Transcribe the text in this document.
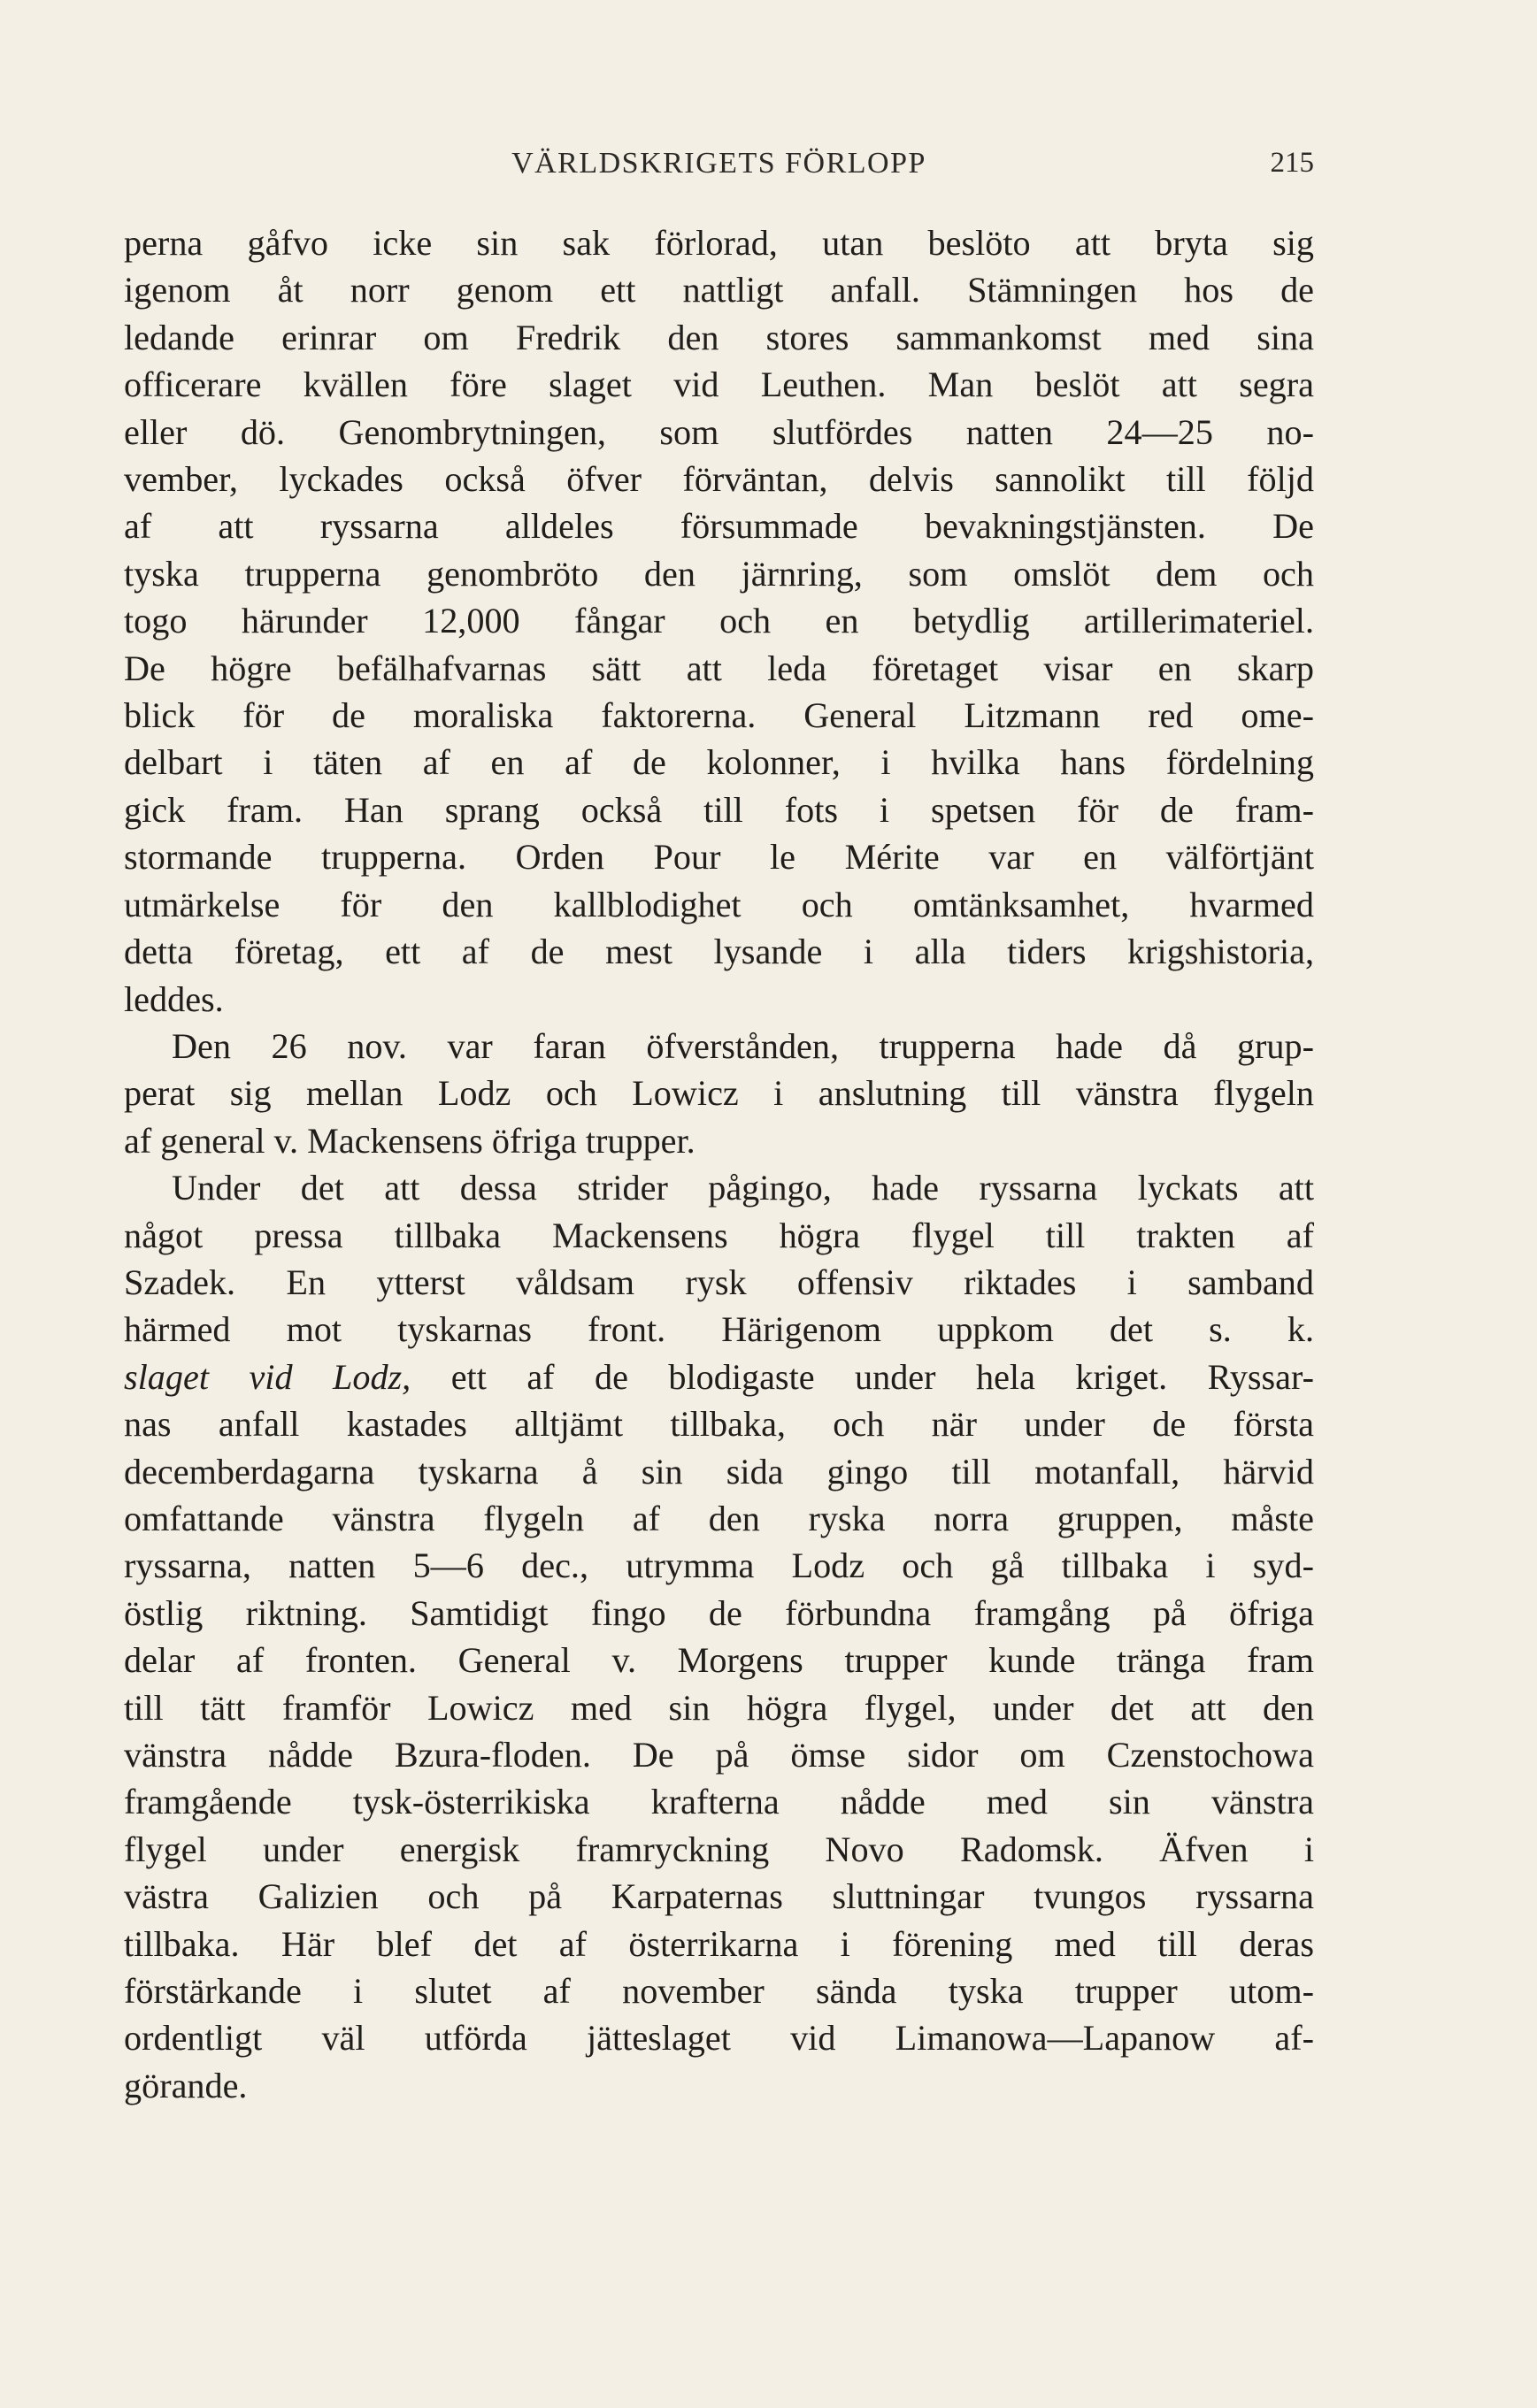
VÄRLDSKRIGETS FÖRLOPP	215
perna gåfvo icke sin sak förlorad, utan beslöto att bryta sig
igenom åt norr genom ett nattligt anfall. Stämningen hos de
ledande erinrar om Fredrik den stores sammankomst med sina
officerare kvällen före slaget vid Leuthen. Man beslöt att segra
eller dö. Genombrytningen, som slutfördes natten 24—25 no-
vember, lyckades också öfver förväntan, delvis sannolikt till följd
af att ryssarna alldeles försummade bevakningstjänsten. De
tyska trupperna genombröto den järnring, som omslöt dem och
togo härunder 12,000 fångar och en betydlig artillerimateriel.
De högre befälhafvarnas sätt att leda företaget visar en skarp
blick för de moraliska faktorerna. General Litzmann red ome-
delbart i täten af en af de kolonner, i hvilka hans fördelning
gick fram. Han sprang också till fots i spetsen för de fram-
stormande trupperna. Orden Pour le Mérite var en välförtjänt
utmärkelse för den kallblodighet och omtänksamhet, hvarmed
detta företag, ett af de mest lysande i alla tiders krigshistoria,
leddes.
Den 26 nov. var faran öfverstånden, trupperna hade då grup-
perat sig mellan Lodz och Lowicz i anslutning till vänstra flygeln
af general v. Mackensens öfriga trupper.
Under det att dessa strider pågingo, hade ryssarna lyckats att
något pressa tillbaka Mackensens högra flygel till trakten af
Szadek. En ytterst våldsam rysk offensiv riktades i samband
härmed mot tyskarnas front. Härigenom uppkom det s. k.
slaget vid Lodz, ett af de blodigaste under hela kriget. Ryssar-
nas anfall kastades alltjämt tillbaka, och när under de första
decemberdagarna tyskarna å sin sida gingo till motanfall, härvid
omfattande vänstra flygeln af den ryska norra gruppen, måste
ryssarna, natten 5—6 dec., utrymma Lodz och gå tillbaka i syd-
östlig riktning. Samtidigt fingo de förbundna framgång på öfriga
delar af fronten. General v. Morgens trupper kunde tränga fram
till tätt framför Lowicz med sin högra flygel, under det att den
vänstra nådde Bzura-floden. De på ömse sidor om Czenstochowa
framgående tysk-österrikiska krafterna nådde med sin vänstra
flygel under energisk framryckning Novo Radomsk. Äfven i
västra Galizien och på Karpaternas sluttningar tvungos ryssarna
tillbaka. Här blef det af österrikarna i förening med till deras
förstärkande i slutet af november sända tyska trupper utom-
ordentligt väl utförda jätteslaget vid Limanowa—Lapanow af-
görande.
